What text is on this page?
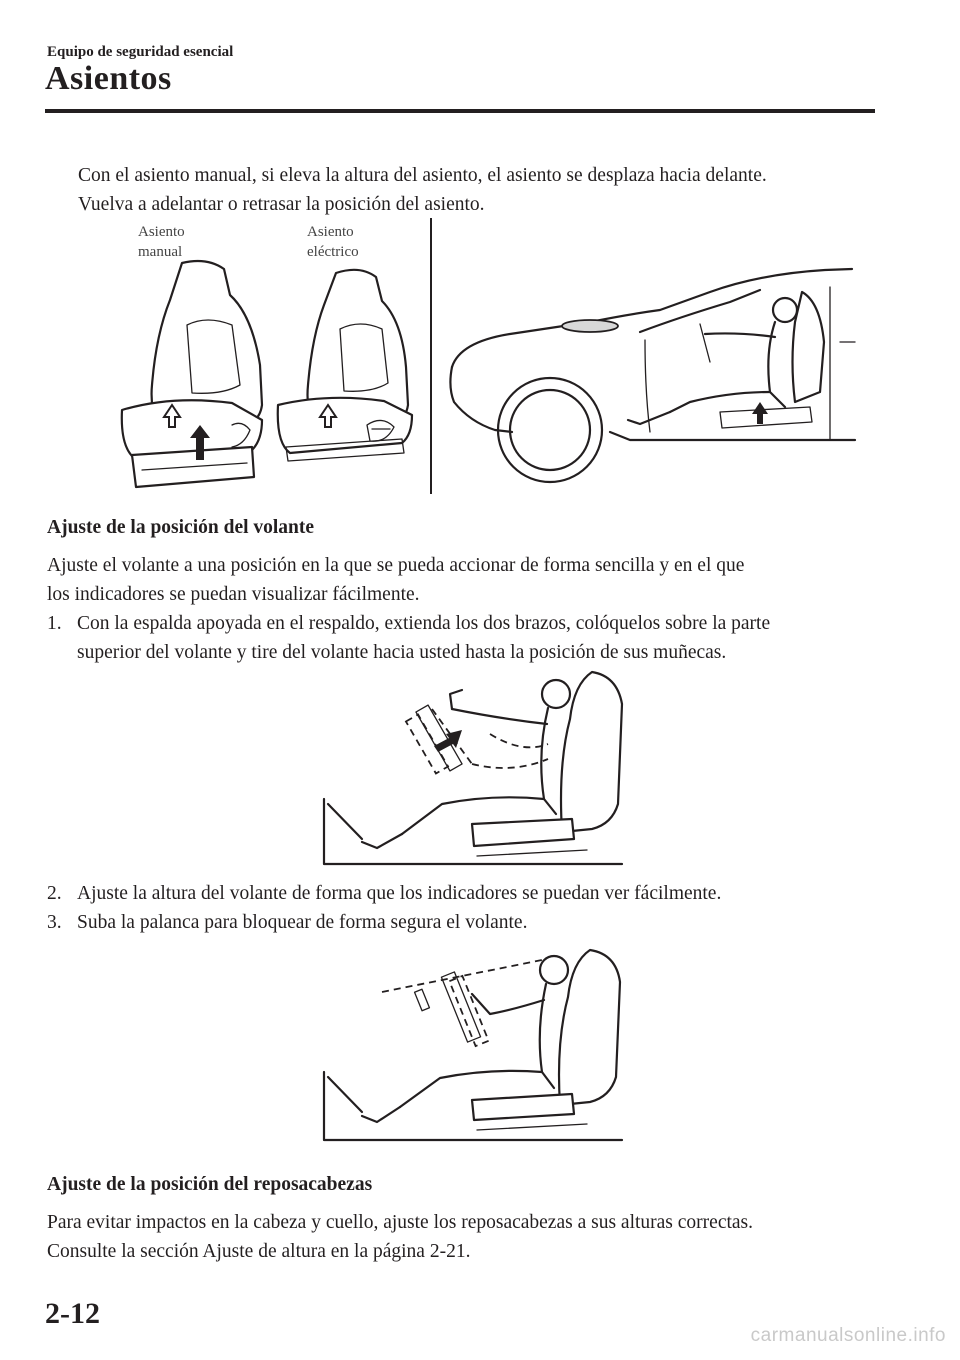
Equipo de seguridad esencial
Asientos
Con el asiento manual, si eleva la altura del asiento, el asiento se desplaza hacia delante.
Vuelva a adelantar o retrasar la posición del asiento.
Asiento
manual
Asiento
eléctrico
Ajuste de la posición del volante
Ajuste el volante a una posición en la que se pueda accionar de forma sencilla y en el que
los indicadores se puedan visualizar fácilmente.
1. Con la espalda apoyada en el respaldo, extienda los dos brazos, colóquelos sobre la parte
superior del volante y tire del volante hacia usted hasta la posición de sus muñecas.
2. Ajuste la altura del volante de forma que los indicadores se puedan ver fácilmente.
3. Suba la palanca para bloquear de forma segura el volante.
Ajuste de la posición del reposacabezas
Para evitar impactos en la cabeza y cuello, ajuste los reposacabezas a sus alturas correctas.
Consulte la sección Ajuste de altura en la página 2-21.
2-12
carmanualsonline.info
